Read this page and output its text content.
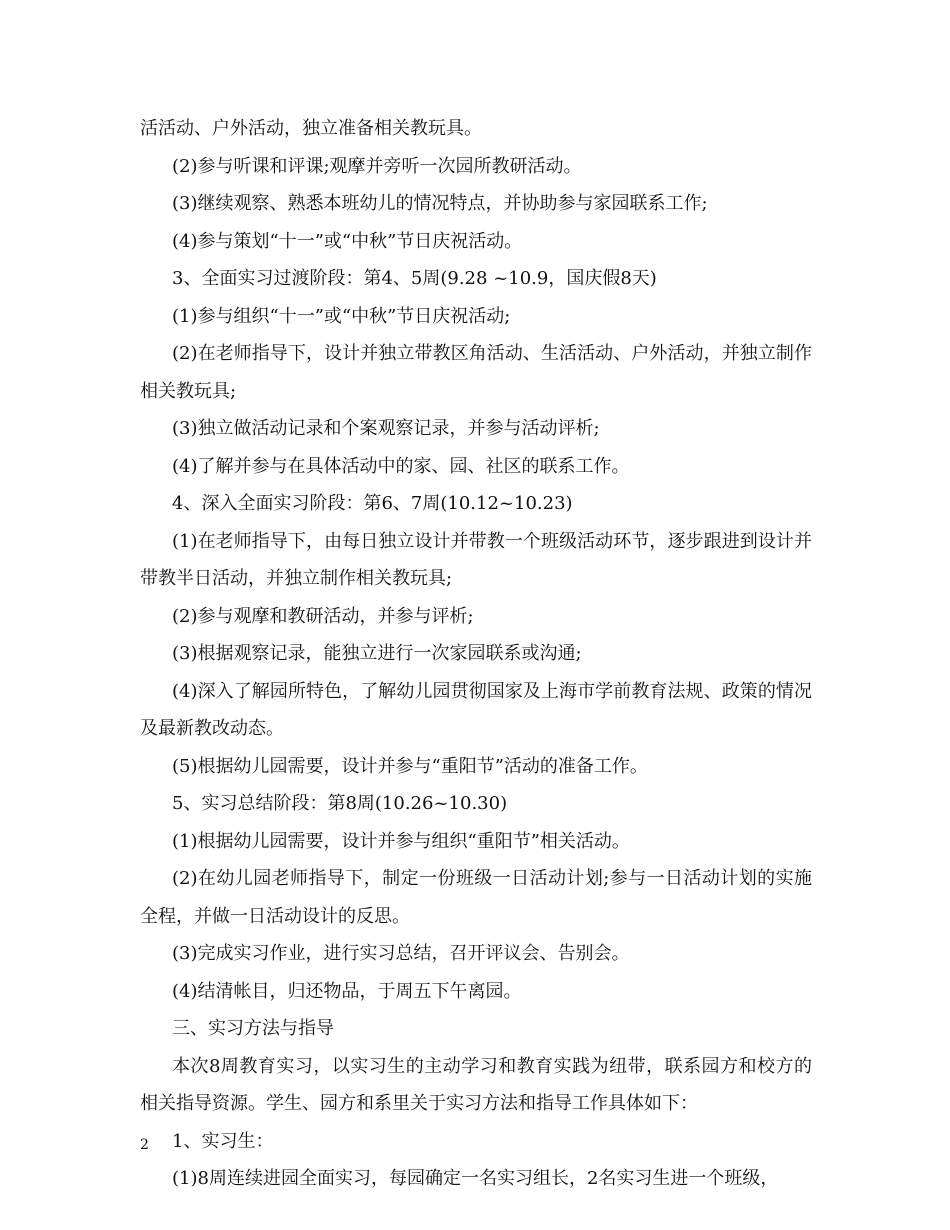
活活动、户外活动，独立准备相关教玩具。
(2)参与听课和评课;观摩并旁听一次园所教研活动。
(3)继续观察、熟悉本班幼儿的情况特点，并协助参与家园联系工作;
(4)参与策划“十一”或“中秋”节日庆祝活动。
3、全面实习过渡阶段：第4、5周(9.28 ~10.9，国庆假8天)
(1)参与组织“十一”或“中秋”节日庆祝活动;
(2)在老师指导下，设计并独立带教区角活动、生活活动、户外活动，并独立制作相关教玩具;
(3)独立做活动记录和个案观察记录，并参与活动评析;
(4)了解并参与在具体活动中的家、园、社区的联系工作。
4、深入全面实习阶段：第6、7周(10.12~10.23)
(1)在老师指导下，由每日独立设计并带教一个班级活动环节，逐步跟进到设计并带教半日活动，并独立制作相关教玩具;
(2)参与观摩和教研活动，并参与评析;
(3)根据观察记录，能独立进行一次家园联系或沟通;
(4)深入了解园所特色，了解幼儿园贯彻国家及上海市学前教育法规、政策的情况及最新教改动态。
(5)根据幼儿园需要，设计并参与“重阳节”活动的准备工作。
5、实习总结阶段：第8周(10.26~10.30)
(1)根据幼儿园需要，设计并参与组织“重阳节”相关活动。
(2)在幼儿园老师指导下，制定一份班级一日活动计划;参与一日活动计划的实施全程，并做一日活动设计的反思。
(3)完成实习作业，进行实习总结，召开评议会、告别会。
(4)结清帐目，归还物品，于周五下午离园。
三、实习方法与指导
本次8周教育实习，以实习生的主动学习和教育实践为纽带，联系园方和校方的相关指导资源。学生、园方和系里关于实习方法和指导工作具体如下：
1、实习生：
(1)8周连续进园全面实习，每园确定一名实习组长，2名实习生进一个班级，
2
